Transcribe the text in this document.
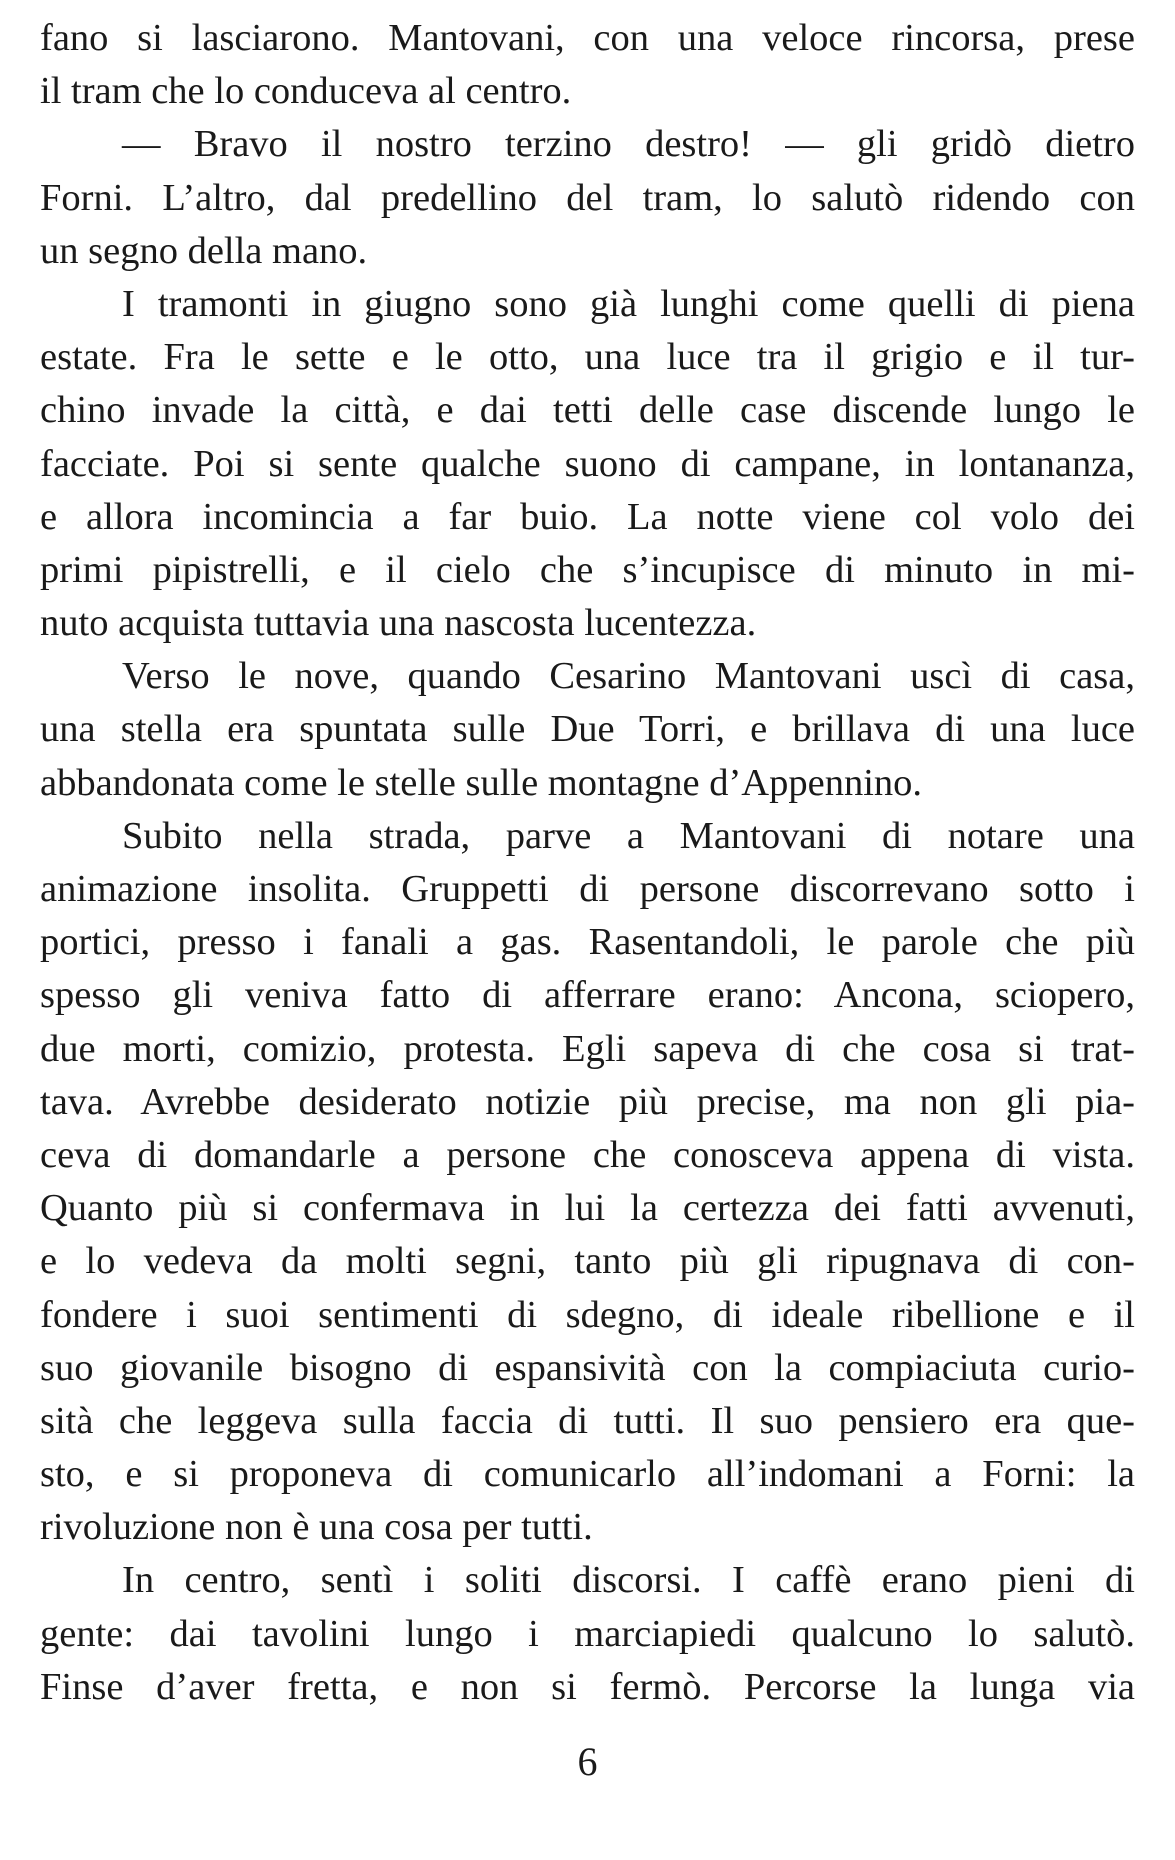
fano si lasciarono. Mantovani, con una veloce rincorsa, prese
il tram che lo conduceva al centro.
— Bravo il nostro terzino destro! — gli gridò dietro
Forni. L’altro, dal predellino del tram, lo salutò ridendo con
un segno della mano.
I tramonti in giugno sono già lunghi come quelli di piena
estate. Fra le sette e le otto, una luce tra il grigio e il tur-
chino invade la città, e dai tetti delle case discende lungo le
facciate. Poi si sente qualche suono di campane, in lontananza,
e allora incomincia a far buio. La notte viene col volo dei
primi pipistrelli, e il cielo che s’incupisce di minuto in mi-
nuto acquista tuttavia una nascosta lucentezza.
Verso le nove, quando Cesarino Mantovani uscì di casa,
una stella era spuntata sulle Due Torri, e brillava di una luce
abbandonata come le stelle sulle montagne d’Appennino.
Subito nella strada, parve a Mantovani di notare una
animazione insolita. Gruppetti di persone discorrevano sotto i
portici, presso i fanali a gas. Rasentandoli, le parole che più
spesso gli veniva fatto di afferrare erano: Ancona, sciopero,
due morti, comizio, protesta. Egli sapeva di che cosa si trat-
tava. Avrebbe desiderato notizie più precise, ma non gli pia-
ceva di domandarle a persone che conosceva appena di vista.
Quanto più si confermava in lui la certezza dei fatti avvenuti,
e lo vedeva da molti segni, tanto più gli ripugnava di con-
fondere i suoi sentimenti di sdegno, di ideale ribellione e il
suo giovanile bisogno di espansività con la compiaciuta curio-
sità che leggeva sulla faccia di tutti. Il suo pensiero era que-
sto, e si proponeva di comunicarlo all’indomani a Forni: la
rivoluzione non è una cosa per tutti.
In centro, sentì i soliti discorsi. I caffè erano pieni di
gente: dai tavolini lungo i marciapiedi qualcuno lo salutò.
Finse d’aver fretta, e non si fermò. Percorse la lunga via
6
